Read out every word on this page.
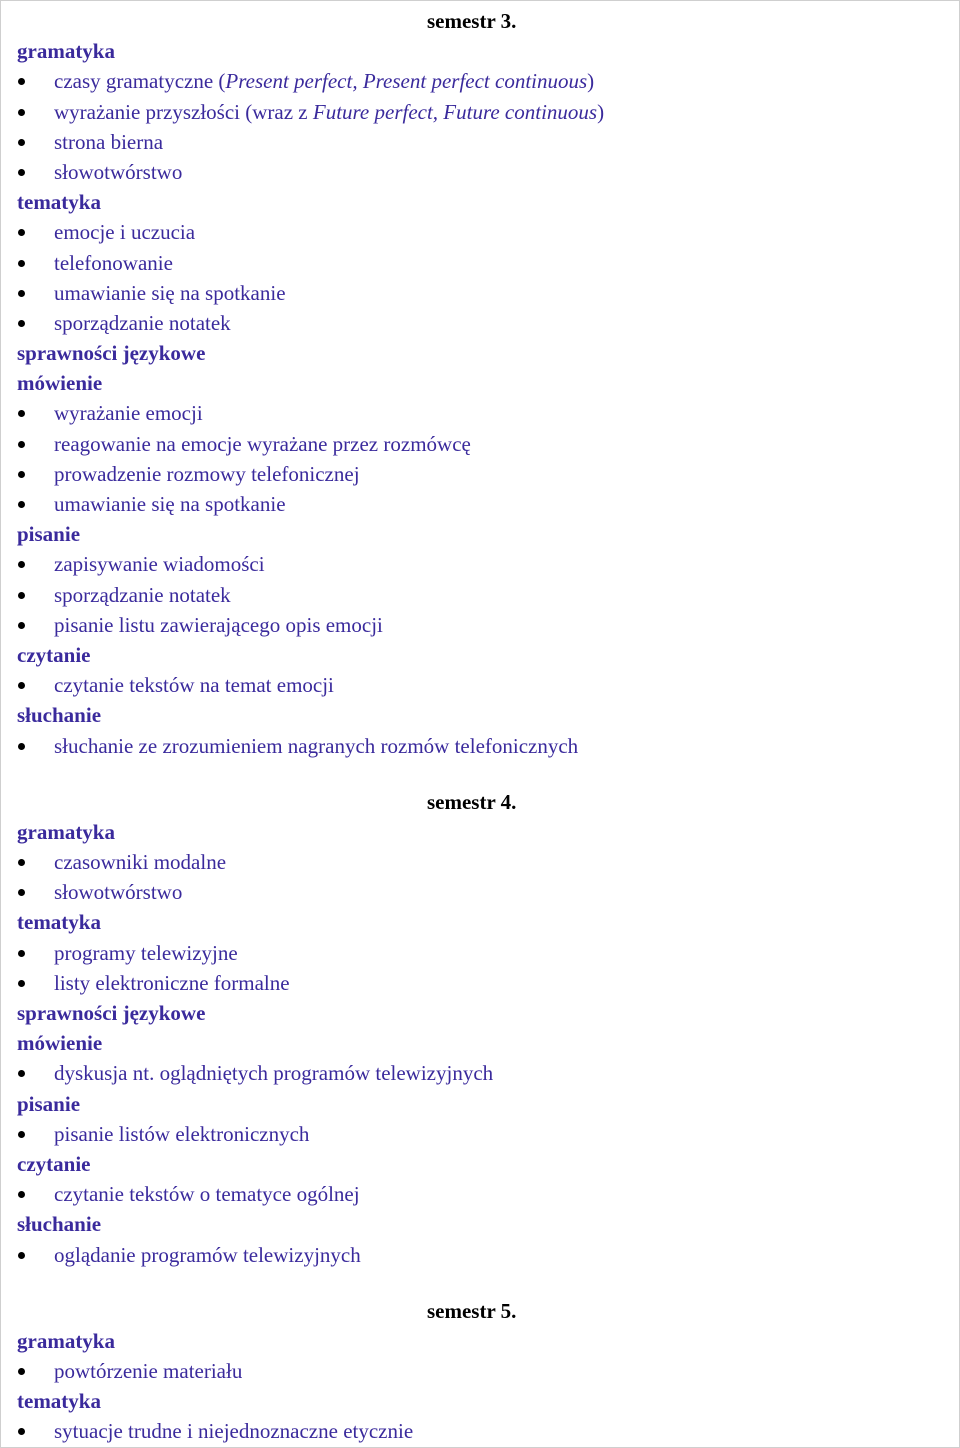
semestr 3.
gramatyka
czasy gramatyczne (Present perfect, Present perfect continuous)
wyrażanie przyszłości (wraz z Future perfect, Future continuous)
strona bierna
słowotwórstwo
tematyka
emocje i uczucia
telefonowanie
umawianie się na spotkanie
sporządzanie notatek
sprawności językowe
mówienie
wyrażanie emocji
reagowanie na emocje wyrażane przez rozmówcę
prowadzenie rozmowy telefonicznej
umawianie się na spotkanie
pisanie
zapisywanie wiadomości
sporządzanie notatek
pisanie listu zawierającego opis emocji
czytanie
czytanie tekstów na temat emocji
słuchanie
słuchanie ze zrozumieniem nagranych rozmów telefonicznych
semestr 4.
gramatyka
czasowniki modalne
słowotwórstwo
tematyka
programy telewizyjne
listy elektroniczne formalne
sprawności językowe
mówienie
dyskusja nt. oglądniętych programów telewizyjnych
pisanie
pisanie listów elektronicznych
czytanie
czytanie tekstów o tematyce ogólnej
słuchanie
oglądanie programów telewizyjnych
semestr 5.
gramatyka
powtórzenie materiału
tematyka
sytuacje trudne i niejednoznaczne etycznie
